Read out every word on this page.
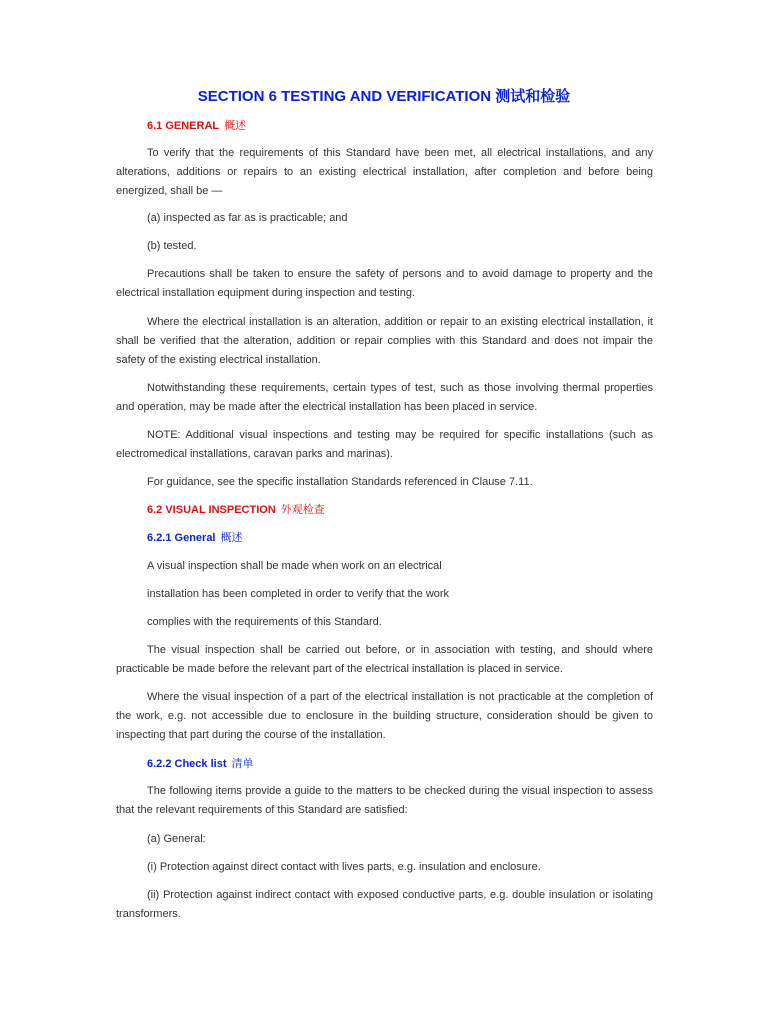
SECTION 6 TESTING AND VERIFICATION 测试和检验
6.1 GENERAL 概述

To verify that the requirements of this Standard have been met, all electrical installations, and any alterations, additions or repairs to an existing electrical installation, after completion and before being energized, shall be —

(a) inspected as far as is practicable; and

(b) tested.

Precautions shall be taken to ensure the safety of persons and to avoid damage to property and the electrical installation equipment during inspection and testing.

Where the electrical installation is an alteration, addition or repair to an existing electrical installation, it shall be verified that the alteration, addition or repair complies with this Standard and does not impair the safety of the existing electrical installation.

Notwithstanding these requirements, certain types of test, such as those involving thermal properties and operation, may be made after the electrical installation has been placed in service.

NOTE: Additional visual inspections and testing may be required for specific installations (such as electromedical installations, caravan parks and marinas).

For guidance, see the specific installation Standards referenced in Clause 7.11.

6.2 VISUAL INSPECTION 外观检查
6.2.1 General 概述

A visual inspection shall be made when work on an electrical

installation has been completed in order to verify that the work

complies with the requirements of this Standard.

The visual inspection shall be carried out before, or in association with testing, and should where practicable be made before the relevant part of the electrical installation is placed in service.

Where the visual inspection of a part of the electrical installation is not practicable at the completion of the work, e.g. not accessible due to enclosure in the building structure, consideration should be given to inspecting that part during the course of the installation.

6.2.2 Check list 清单

The following items provide a guide to the matters to be checked during the visual inspection to assess that the relevant requirements of this Standard are satisfied:

(a) General:

(i) Protection against direct contact with lives parts, e.g. insulation and enclosure.

(ii) Protection against indirect contact with exposed conductive parts, e.g. double insulation or isolating transformers.
